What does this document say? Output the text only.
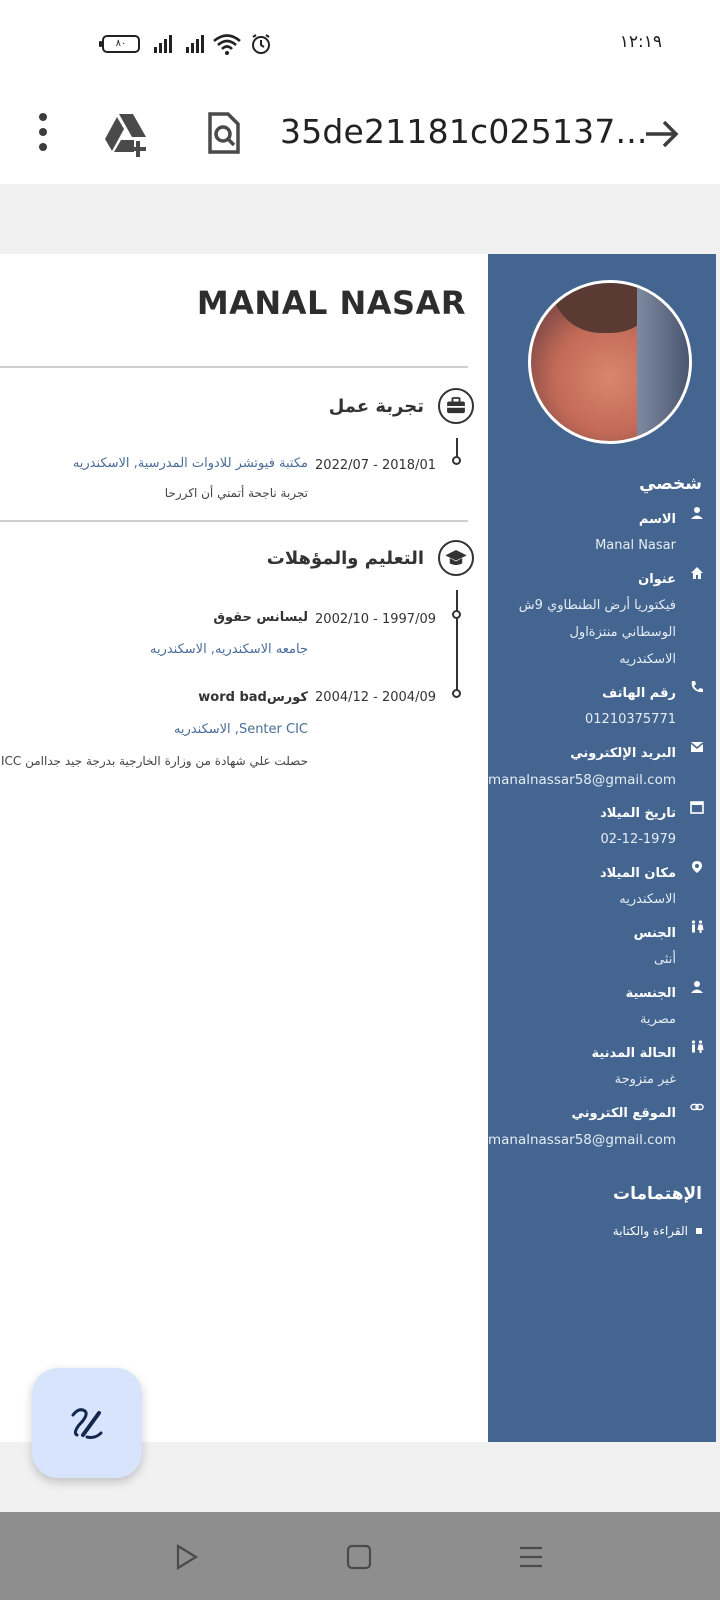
٨٠	١٢:١٩
35de21181c025137...
MANAL NASAR
تجربة عمل
2022/07 - 2018/01
مكتبة فيوتشر للادوات المدرسية, الاسكندريه
تجربة ناجحة أتمني أن اكررحا
التعليم والمؤهلات
2002/10 - 1997/09
ليسانس حقوق
جامعه الاسكندريه, الاسكندريه
2004/12 - 2004/09
كورسword bad
Senter CIC, الاسكندريه
حصلت علي شهادة من وزارة الخارجية بدرجة جيد جداامن ICC
شخصي
الاسم
Manal Nasar
عنوان
فيكتوريا أرض الطنطاوي 9ش
الوسطاني منتزةاول
الاسكندريه
رقم الهاتف
01210375771
البريد الإلكتروني
manalnassar58@gmail.com
تاريخ الميلاد
02-12-1979
مكان الميلاد
الاسكندريه
الجنس
أنثى
الجنسية
مصرية
الحالة المدنية
غير متزوجة
الموقع الكتروني
manalnassar58@gmail.com
الإهتمامات
القراءة والكتابة
